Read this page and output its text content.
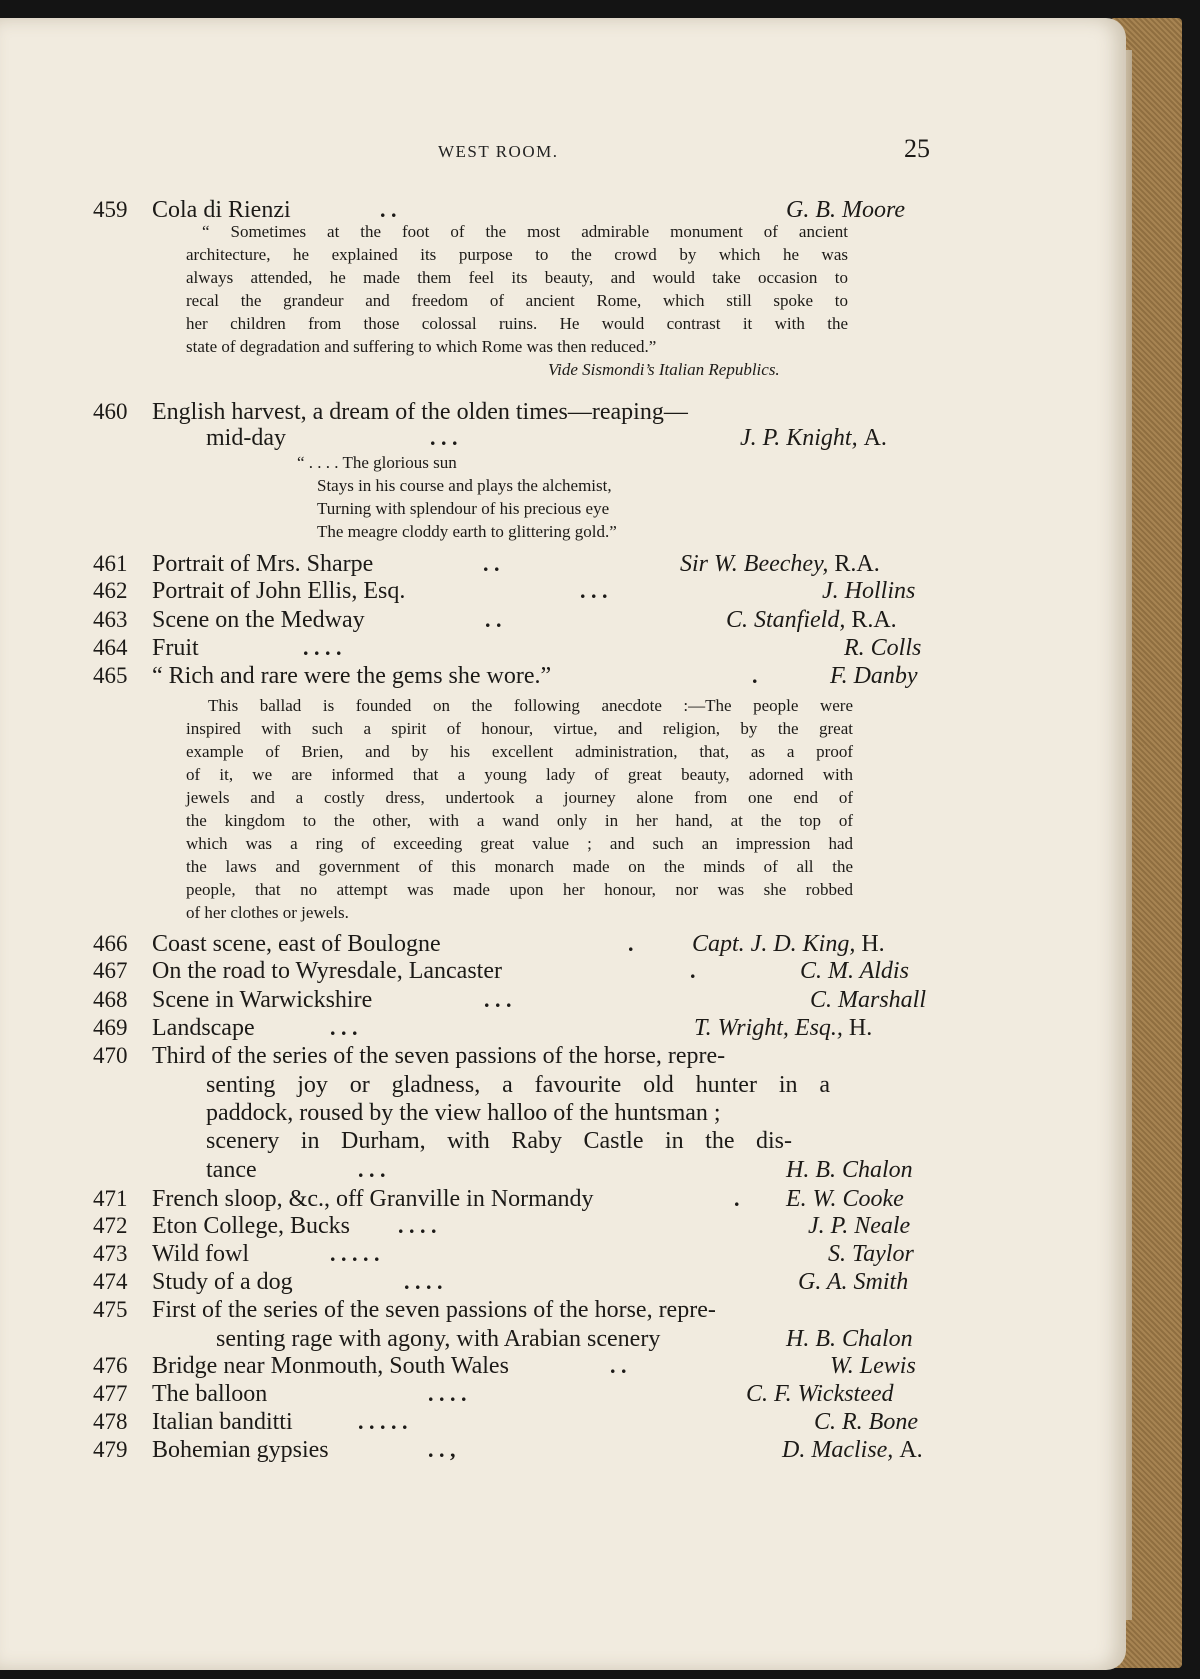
WEST ROOM.	25
459 Cola di Rienzi	. .	G. B. Moore

“ Sometimes at the foot of the most admirable monument of ancient

architecture, he explained its purpose to the crowd by which he was

always attended, he made them feel its beauty, and would take occasion to

recal the grandeur and freedom of ancient Rome, which still spoke to

her children from those colossal ruins. He would contrast it with the

state of degradation and suffering to which Rome was then reduced.”

Vide Sismondi’s Italian Republics.
460 English harvest, a dream of the olden times—reaping—
mid-day	. . .	J. P. Knight, A.

“ . . . . The glorious sun

Stays in his course and plays the alchemist,

Turning with splendour of his precious eye

The meagre cloddy earth to glittering gold.”

461 Portrait of Mrs. Sharpe	. .	Sir W. Beechey, R.A.
462 Portrait of John Ellis, Esq.	. . .	J. Hollins
463 Scene on the Medway	. .	C. Stanfield, R.A.
464 Fruit	. . . .	R. Colls
465 “ Rich and rare were the gems she wore.”	.	F. Danby

This ballad is founded on the following anecdote :—The people were

inspired with such a spirit of honour, virtue, and religion, by the great

example of Brien, and by his excellent administration, that, as a proof

of it, we are informed that a young lady of great beauty, adorned with

jewels and a costly dress, undertook a journey alone from one end of

the kingdom to the other, with a wand only in her hand, at the top of

which was a ring of exceeding great value ; and such an impression had

the laws and government of this monarch made on the minds of all the

people, that no attempt was made upon her honour, nor was she robbed

of her clothes or jewels.

466 Coast scene, east of Boulogne	. Capt. J. D. King, H.
467 On the road to Wyresdale, Lancaster	.	C. M. Aldis
468 Scene in Warwickshire	. . .	C. Marshall
469 Landscape	. . .	T. Wright, Esq., H.
470 Third of the series of the seven passions of the horse, repre-
senting joy or gladness, a favourite old hunter in a
paddock, roused by the view halloo of the huntsman ;
scenery in Durham, with Raby Castle in the dis-
tance	. . .	H. B. Chalon
471 French sloop, &c., off Granville in Normandy	. E. W. Cooke
472 Eton College, Bucks . . . .	J. P. Neale
473 Wild fowl	. . . . .	S. Taylor
474 Study of a dog	. . . .	G. A. Smith
475 First of the series of the seven passions of the horse, repre-
senting rage with agony, with Arabian scenery	H. B. Chalon
476 Bridge near Monmouth, South Wales	. .	W. Lewis
477 The balloon	. . . .	C. F. Wicksteed
478 Italian banditti	. . . . .	C. R. Bone
479 Bohemian gypsies	. . ,	D. Maclise, A.
